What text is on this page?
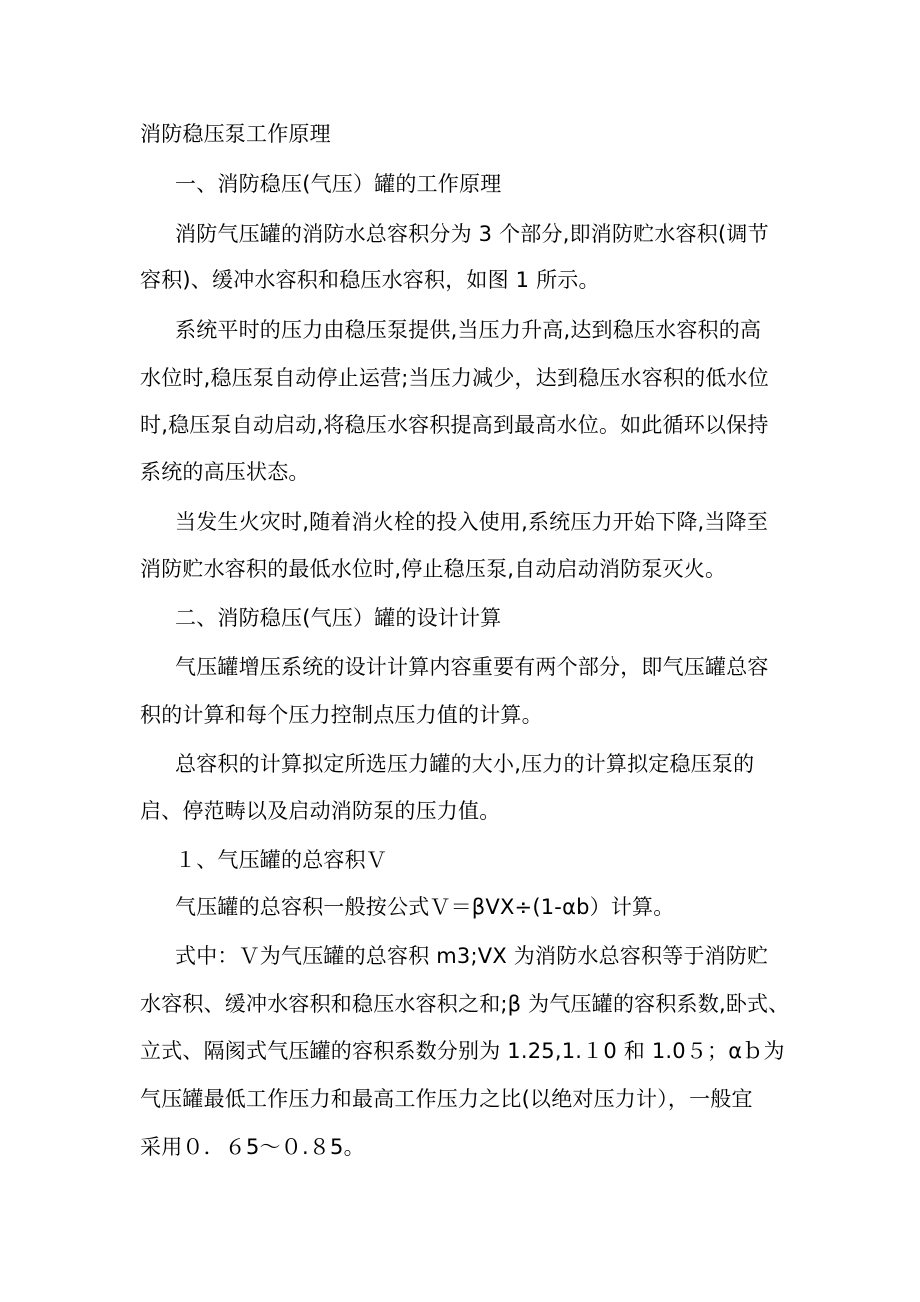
消防稳压泵工作原理
一、消防稳压(气压）罐的工作原理
消防气压罐的消防水总容积分为 3 个部分,即消防贮水容积(调节
容积)、缓冲水容积和稳压水容积，如图 1 所示。
系统平时的压力由稳压泵提供,当压力升高,达到稳压水容积的高
水位时,稳压泵自动停止运营;当压力减少，达到稳压水容积的低水位
时,稳压泵自动启动,将稳压水容积提高到最高水位。如此循环以保持
系统的高压状态。
当发生火灾时,随着消火栓的投入使用,系统压力开始下降,当降至
消防贮水容积的最低水位时,停止稳压泵,自动启动消防泵灭火。
二、消防稳压(气压）罐的设计计算
气压罐增压系统的设计计算内容重要有两个部分，即气压罐总容
积的计算和每个压力控制点压力值的计算。
总容积的计算拟定所选压力罐的大小,压力的计算拟定稳压泵的
启、停范畴以及启动消防泵的压力值。
１、气压罐的总容积Ｖ
气压罐的总容积一般按公式Ｖ＝βVX÷(1-αb）计算。
式中：Ｖ为气压罐的总容积 m3;VX 为消防水总容积等于消防贮
水容积、缓冲水容积和稳压水容积之和;β 为气压罐的容积系数,卧式、
立式、隔阂式气压罐的容积系数分别为 1.25,1.１0 和 1.0５；αｂ为
气压罐最低工作压力和最高工作压力之比(以绝对压力计），一般宜
采用０．６5～０.８5。
